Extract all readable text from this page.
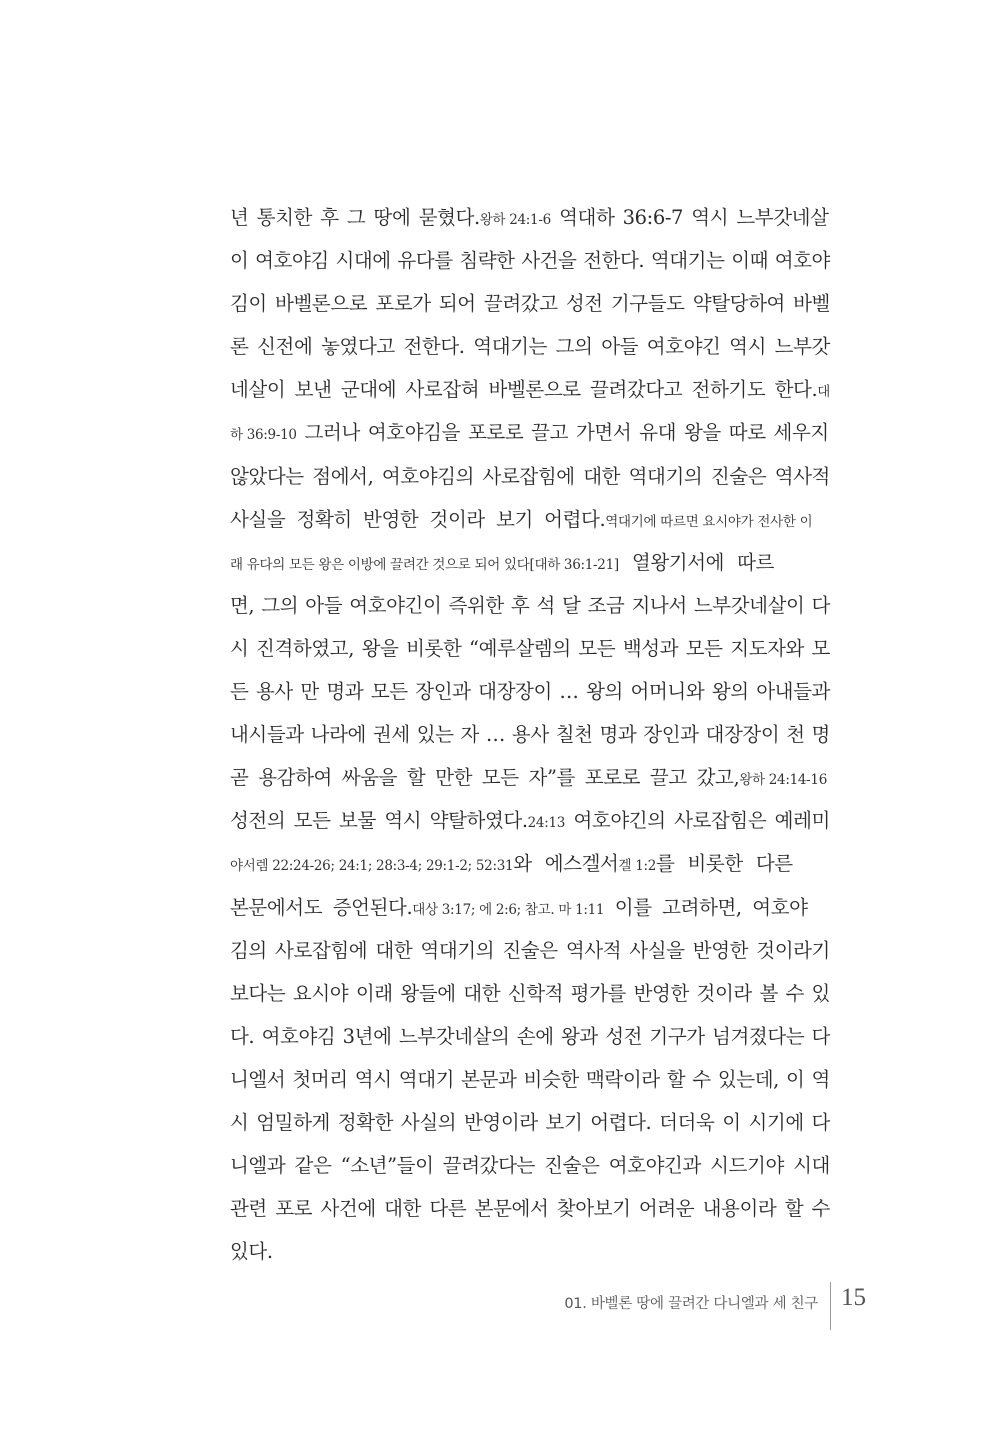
년 통치한 후 그 땅에 묻혔다.왕하 24:1-6 역대하 36:6-7 역시 느부갓네살
이 여호야김 시대에 유다를 침략한 사건을 전한다. 역대기는 이때 여호야
김이 바벨론으로 포로가 되어 끌려갔고 성전 기구들도 약탈당하여 바벨
론 신전에 놓였다고 전한다. 역대기는 그의 아들 여호야긴 역시 느부갓
네살이 보낸 군대에 사로잡혀 바벨론으로 끌려갔다고 전하기도 한다.대
하 36:9-10 그러나 여호야김을 포로로 끌고 가면서 유대 왕을 따로 세우지
않았다는 점에서, 여호야김의 사로잡힘에 대한 역대기의 진술은 역사적
사실을 정확히 반영한 것이라 보기 어렵다.역대기에 따르면 요시야가 전사한 이
래 유다의 모든 왕은 이방에 끌려간 것으로 되어 있다[대하 36:1-21] 열왕기서에 따르
면, 그의 아들 여호야긴이 즉위한 후 석 달 조금 지나서 느부갓네살이 다
시 진격하였고, 왕을 비롯한 “예루살렘의 모든 백성과 모든 지도자와 모
든 용사 만 명과 모든 장인과 대장장이 … 왕의 어머니와 왕의 아내들과
내시들과 나라에 권세 있는 자 … 용사 칠천 명과 장인과 대장장이 천 명
곧 용감하여 싸움을 할 만한 모든 자”를 포로로 끌고 갔고,왕하 24:14-16
성전의 모든 보물 역시 약탈하였다.24:13 여호야긴의 사로잡힘은 예레미
야서렘 22:24-26; 24:1; 28:3-4; 29:1-2; 52:31와 에스겔서겔 1:2를 비롯한 다른
본문에서도 증언된다.대상 3:17; 에 2:6; 참고. 마 1:11 이를 고려하면, 여호야
김의 사로잡힘에 대한 역대기의 진술은 역사적 사실을 반영한 것이라기
보다는 요시야 이래 왕들에 대한 신학적 평가를 반영한 것이라 볼 수 있
다. 여호야김 3년에 느부갓네살의 손에 왕과 성전 기구가 넘겨졌다는 다
니엘서 첫머리 역시 역대기 본문과 비슷한 맥락이라 할 수 있는데, 이 역
시 엄밀하게 정확한 사실의 반영이라 보기 어렵다. 더더욱 이 시기에 다
니엘과 같은 “소년”들이 끌려갔다는 진술은 여호야긴과 시드기야 시대
관련 포로 사건에 대한 다른 본문에서 찾아보기 어려운 내용이라 할 수
있다.
01. 바벨론 땅에 끌려간 다니엘과 세 친구 15
